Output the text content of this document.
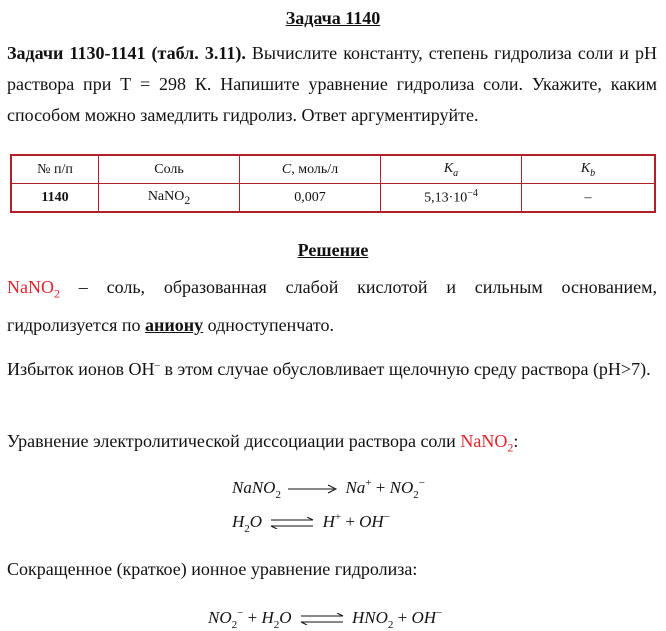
Задача 1140
Задачи 1130-1141 (табл. 3.11). Вычислите константу, степень гидролиза соли и рН раствора при Т = 298 К. Напишите уравнение гидролиза соли. Укажите, каким способом можно замедлить гидролиз. Ответ аргументируйте.
№ п/п	Соль	C, моль/л	$K_a$	$K_b$
1140	NaNO$_2$	0,007	$5,13\cdot 10^{-4}$	–
Решение
NaNO$_2$ – соль, образованная слабой кислотой и сильным основанием,
гидролизуется по аниону одноступенчато.
Избыток ионов ОН– в этом случае обусловливает щелочную среду раствора (рН>7).
Уравнение электролитической диссоциации раствора соли NaNO$_2$:
NaNO$_2$	$Na^+ + NO_2^-$
$H_2O$ ⇌ H+ + OH−
Сокращенное (краткое) ионное уравнение гидролиза:
$NO_2^- + H_2O$ ⇌ $HNO_2 + OH^-$
